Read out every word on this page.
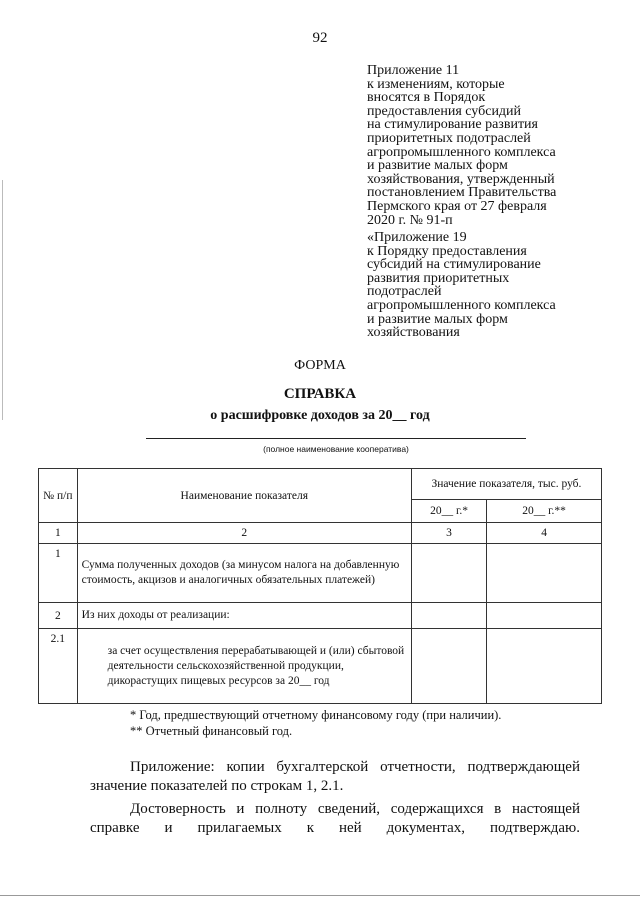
92
Приложение 11
к изменениям, которые
вносятся в Порядок
предоставления субсидий
на стимулирование развития
приоритетных подотраслей
агропромышленного комплекса
и развитие малых форм
хозяйствования, утвержденный
постановлением Правительства
Пермского края от 27 февраля
2020 г. № 91-п
«Приложение 19
к Порядку предоставления
субсидий на стимулирование
развития приоритетных
подотраслей
агропромышленного комплекса
и развитие малых форм
хозяйствования
ФОРМА
СПРАВКА
о расшифровке доходов за 20__ год
(полное наименование кооператива)
№ п/п	Наименование показателя	Значение показателя, тыс. руб.	
		20__ г.*	20__ г.**
1	2	3	4
1	Сумма полученных доходов (за минусом налога на добавленную стоимость, акцизов и аналогичных обязательных платежей)		

2	Из них доходы от реализации:		

2.1	за счет осуществления перерабатывающей и (или) сбытовой деятельности сельскохозяйственной продукции, дикорастущих пищевых ресурсов за 20__ год		

* Год, предшествующий отчетному финансовому году (при наличии).
** Отчетный финансовый год.
Приложение: копии бухгалтерской отчетности, подтверждающей значение показателей по строкам 1, 2.1.
Достоверность и полноту сведений, содержащихся в настоящей справке и прилагаемых к ней документах, подтверждаю.
